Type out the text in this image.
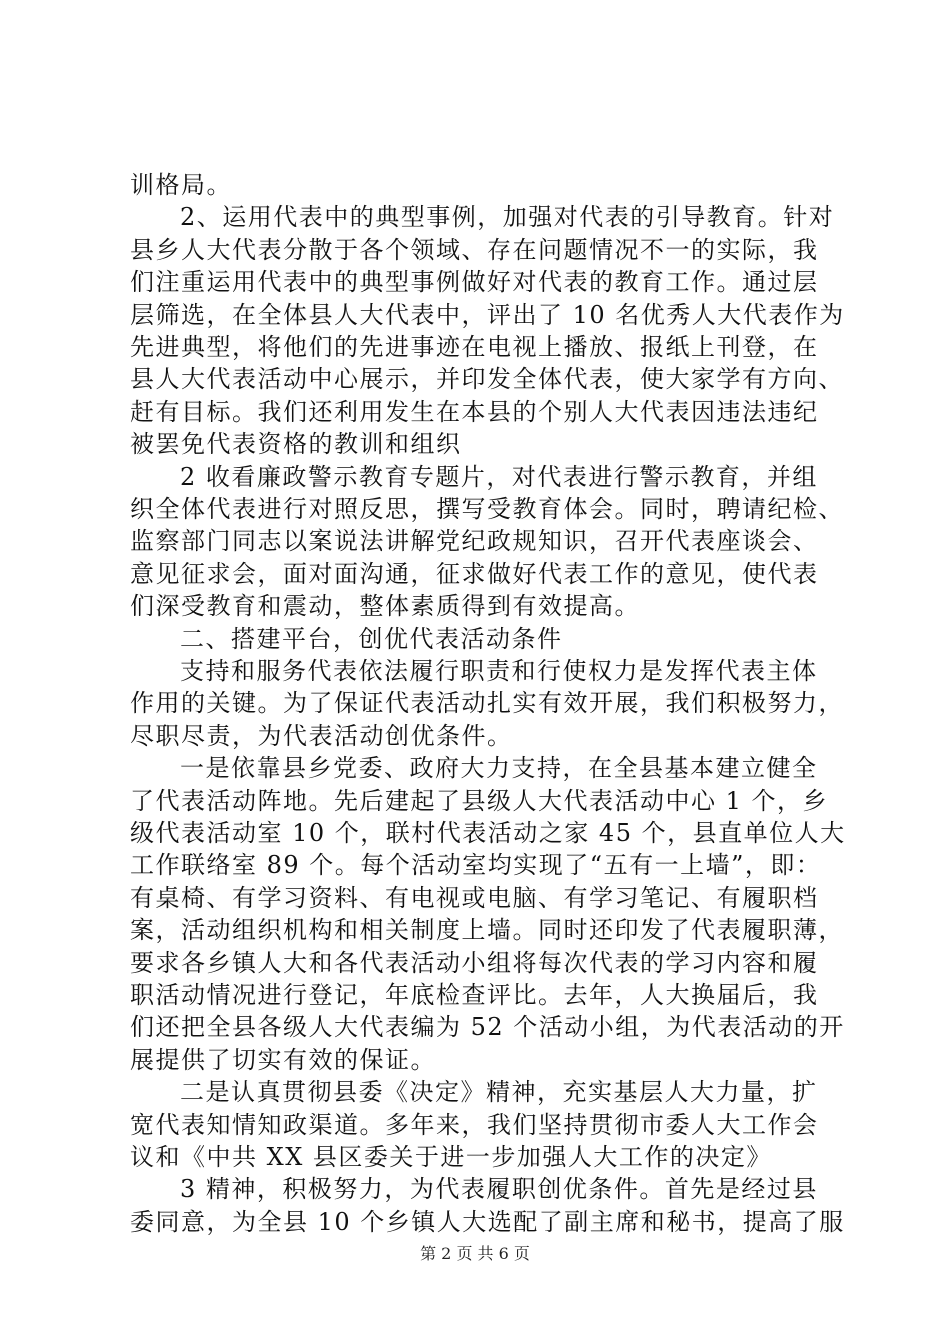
训格局。
2、运用代表中的典型事例，加强对代表的引导教育。针对
县乡人大代表分散于各个领域、存在问题情况不一的实际，我
们注重运用代表中的典型事例做好对代表的教育工作。通过层
层筛选，在全体县人大代表中，评出了 10 名优秀人大代表作为
先进典型，将他们的先进事迹在电视上播放、报纸上刊登，在
县人大代表活动中心展示，并印发全体代表，使大家学有方向、
赶有目标。我们还利用发生在本县的个别人大代表因违法违纪
被罢免代表资格的教训和组织
2 收看廉政警示教育专题片，对代表进行警示教育，并组
织全体代表进行对照反思，撰写受教育体会。同时，聘请纪检、
监察部门同志以案说法讲解党纪政规知识，召开代表座谈会、
意见征求会，面对面沟通，征求做好代表工作的意见，使代表
们深受教育和震动，整体素质得到有效提高。
二、搭建平台，创优代表活动条件
支持和服务代表依法履行职责和行使权力是发挥代表主体
作用的关键。为了保证代表活动扎实有效开展，我们积极努力，
尽职尽责，为代表活动创优条件。
一是依靠县乡党委、政府大力支持，在全县基本建立健全
了代表活动阵地。先后建起了县级人大代表活动中心 1 个，乡
级代表活动室 10 个，联村代表活动之家 45 个，县直单位人大
工作联络室 89 个。每个活动室均实现了“五有一上墙”，即：
有桌椅、有学习资料、有电视或电脑、有学习笔记、有履职档
案，活动组织机构和相关制度上墙。同时还印发了代表履职薄，
要求各乡镇人大和各代表活动小组将每次代表的学习内容和履
职活动情况进行登记，年底检查评比。去年，人大换届后，我
们还把全县各级人大代表编为 52 个活动小组，为代表活动的开
展提供了切实有效的保证。
二是认真贯彻县委《决定》精神，充实基层人大力量，扩
宽代表知情知政渠道。多年来，我们坚持贯彻市委人大工作会
议和《中共 XX 县区委关于进一步加强人大工作的决定》
3 精神，积极努力，为代表履职创优条件。首先是经过县
委同意，为全县 10 个乡镇人大选配了副主席和秘书，提高了服
第 2 页 共 6 页
